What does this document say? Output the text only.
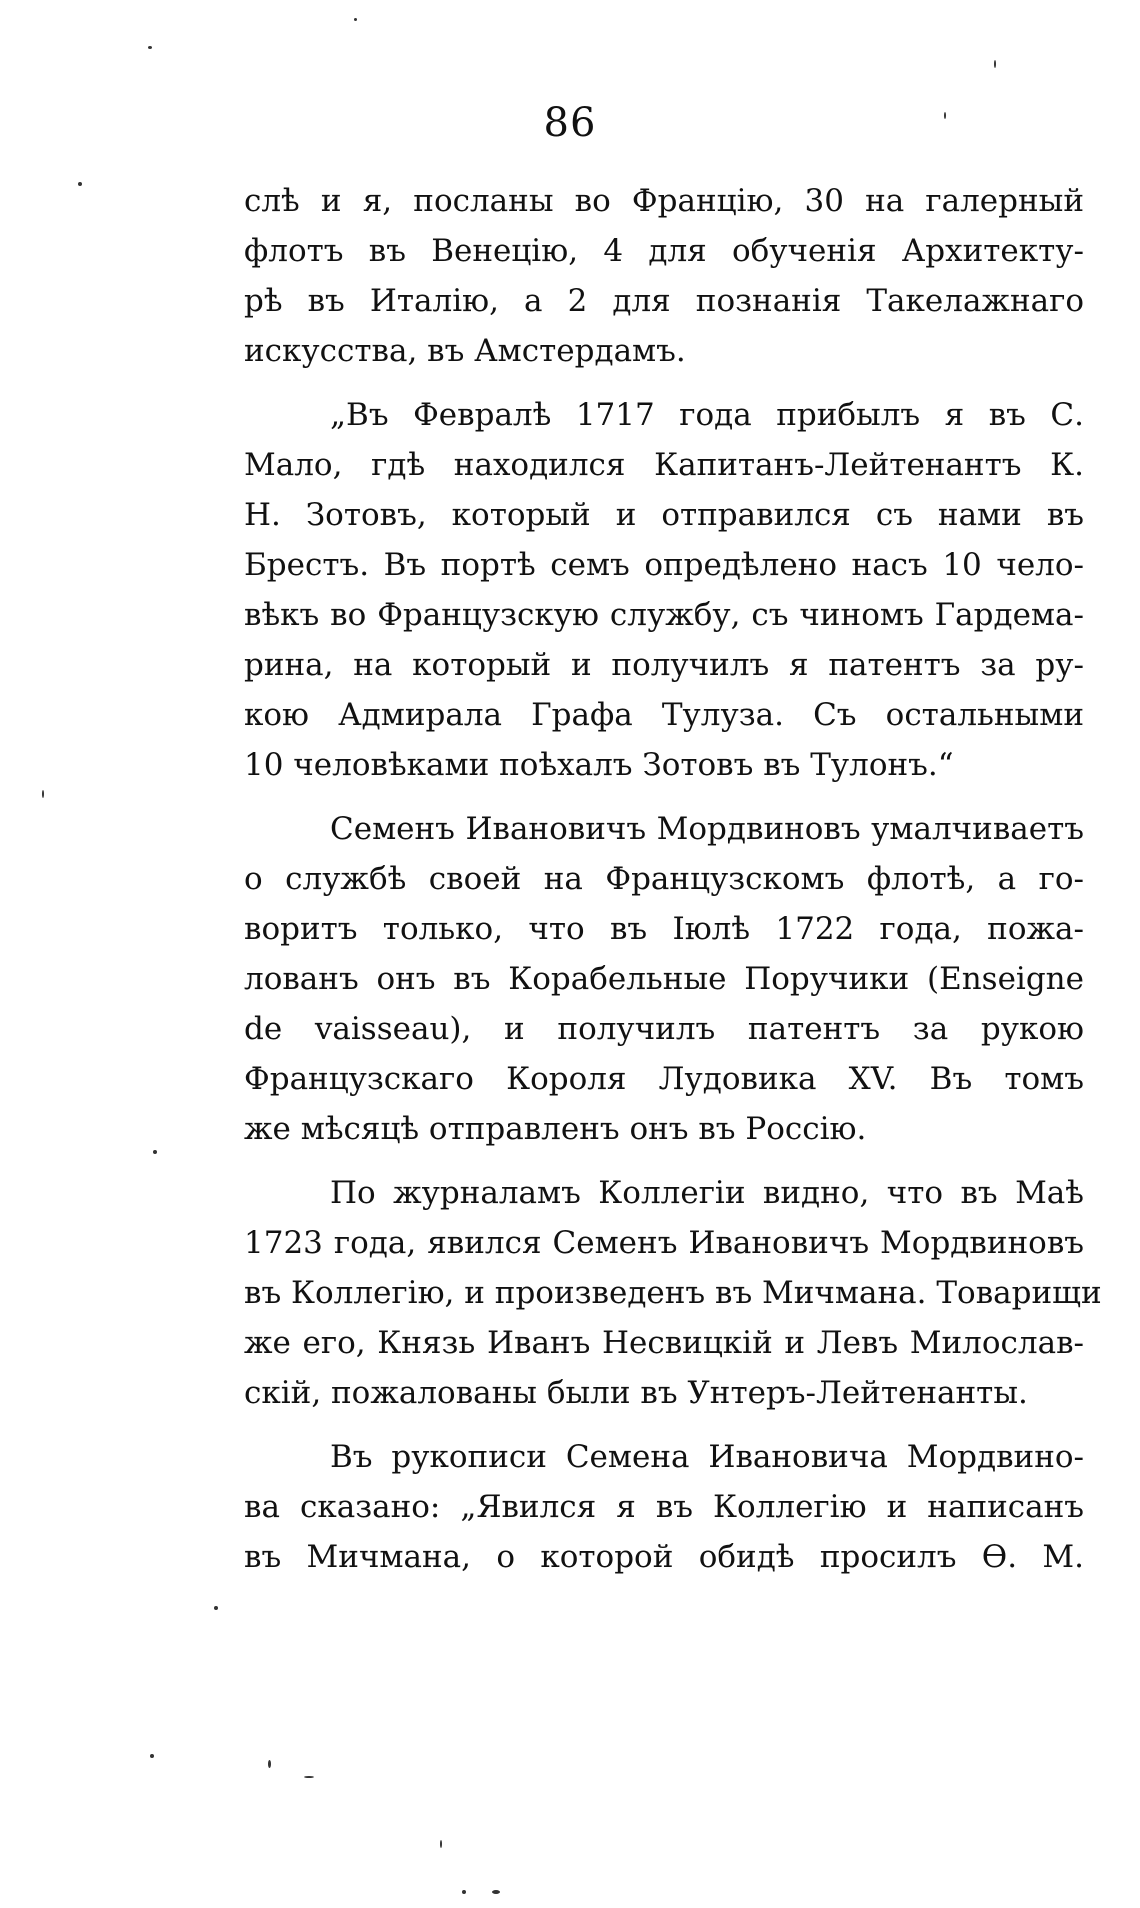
86
слѣ и я, посланы во Францію, 30 на галерный
флотъ въ Венецію, 4 для обученія Архитекту-
рѣ въ Италію, а 2 для познанія Такелажнаго
искусства, въ Амстердамъ.
„Въ Февралѣ 1717 года прибылъ я въ С.
Мало, гдѣ находился Капитанъ-Лейтенантъ К.
Н. Зотовъ, который и отправился съ нами въ
Брестъ. Въ портѣ семъ опредѣлено насъ 10 чело-
вѣкъ во Французскую службу, съ чиномъ Гардема-
рина, на который и получилъ я патентъ за ру-
кою Адмирала Графа Тулуза. Съ остальными
10 человѣками поѣхалъ Зотовъ въ Тулонъ.“
Семенъ Ивановичъ Мордвиновъ умалчиваетъ
о службѣ своей на Французскомъ флотѣ, а го-
воритъ только, что въ Іюлѣ 1722 года, пожа-
лованъ онъ въ Корабельные Поручики (Enseigne
de vaisseau), и получилъ патентъ за рукою
Французскаго Короля Лудовика XV. Въ томъ
же мѣсяцѣ отправленъ онъ въ Россію.
По журналамъ Коллегіи видно, что въ Маѣ
1723 года, явился Семенъ Ивановичъ Мордвиновъ
въ Коллегію, и произведенъ въ Мичмана. Товарищи
же его, Князь Иванъ Несвицкій и Левъ Милослав-
скій, пожалованы были въ Унтеръ-Лейтенанты.
Въ рукописи Семена Ивановича Мордвино-
ва сказано: „Явился я въ Коллегію и написанъ
въ Мичмана, о которой обидѣ просилъ Ѳ. М.
